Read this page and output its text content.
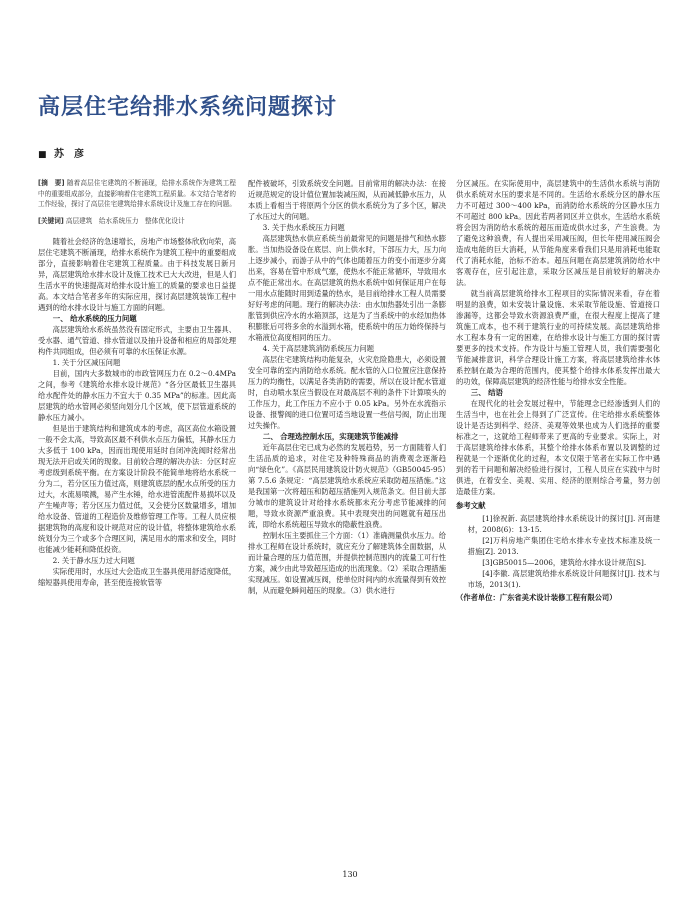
高层住宅给排水系统问题探讨
■ 苏　彦
[摘　要] 随着高层住宅建筑的不断涌现，给排水系统作为建筑工程中的重要组成部分，直接影响着住宅建筑工程质量。本文结合笔者的工作经验，探讨了高层住宅建筑给排水系统设计及施工存在的问题。
[关键词] 高层建筑　给水系统压力　整体优化设计

随着社会经济的急速增长，房地产市场整体欣欣向荣，高层住宅建筑不断涌现，给排水系统作为建筑工程中的重要组成部分，直接影响着住宅建筑工程质量。由于科技发展日新月异，高层建筑给水排水设计及施工技术已大大改进，但是人们生活水平的快速提高对给排水设计施工的质量的要求也日益提高。本文结合笔者多年的实际应用，探讨高层建筑装饰工程中遇到的给水排水设计与施工方面的问题。

一、 给水系统的压力问题

高层建筑给水系统虽然没有固定形式，主要由卫生器具、受水器、通气管道、排水管道以及抽升设备和相应的局部处理构件共同组成，但必须有可靠的水压保证水源。

1. 关于分区减压问题

目前，国内大多数城市的市政管网压力在 0.2～0.4MPa 之间，参考《建筑给水排水设计规范》“各分区最低卫生器具给水配件处的静水压力不宜大于 0.35 MPa”的标准。因此高层建筑的给水管网必须竖向划分几个区域，使下层管道系统的静水压力减小。

但是出于建筑结构和建筑成本的考虑，高区高位水箱设置一般不会太高，导致高区最不利供水点压力偏低，其静水压力大多低于 100 kPa，因而出现使用延时自闭冲洗阀时经常出现无法开启或关闭的现象。目前较合理的解决办法：分区时应考虑级到系统平衡。在方案设计阶段不能简单地将给水系统一分为二，若分区压力值过高，则建筑底层的配水点所受的压力过大，水流易喷溅，易产生水锤，给水进管流配件易损坏以及产生噪声等；若分区压力值过低，又会使分区数量增多，增加给水设备、管道的工程造价及维修管理工作等。工程人员应根据建筑物的高度和设计规范对应的设计值，将整体建筑给水系统划分为三个或多个合理区间，满足用水的需求和安全，同时也能减少能耗和降低投资。

2. 关于静水压力过大问题

实际使用时，水压过大会造成卫生器具使用舒适度降低，缩短器具使用寿命，甚至使连接软管等

配件被破坏，引致系统安全问题。目前常用的解决办法：在接近规范规定的设计值位置加装减压阀，从而减低静水压力，从本质上看相当于将原两个分区的供水系统分为了多个区，解决了水压过大的问题。

3. 关于热水系统压力问题

高层建筑热水供应系统当前最常见的问题是排气和热水膨胀。当加热设备设在底层、向上供水时，下部压力大，压力向上逐步减小，而游子从中的气体也随着压力的变小而逐步分离出来，容易在管中形成气塞，使热水不能正常循环，导致用水点不能正常出水。在高层建筑的热水系统中如何保证用户在每一用水点能随时用到适量的热水，是目前给排水工程人员需要好好考虑的问题。现行的解决办法：由水加热器处引出一条膨胀管到供应冷水的水箱顶部，这是为了当系统中的水经加热体积膨胀后可将多余的水溢到水箱，使系统中的压力始终保持与水箱液位高度相同的压力。

4. 关于高层建筑消防系统压力问题

高层住宅建筑结构功能复杂，火灾危险隐患大，必须设置安全可靠的室内消防给水系统。配水管的入口位置应注意保持压力的均衡性，以满足各类消防的需要，所以在设计配水管道时，自动喷水泵应当假设在对最高层不利的条件下计算喷头的工作压力，此工作压力不应小于 0.05 kPa。另外在水流指示设备、报警阀的进口位置可适当地设置一些信号阀，防止出现过失操作。

二、 合理选控制水压，实现建筑节能减排

近年高层住宅已成为必然的发展趋势，另一方面随着人们生活品质的追求，对住宅及种特殊商品的消费观念逐渐趋向“绿色化”。《高层民用建筑设计防火规范》（GB50045-95）第 7.5.6 条规定：“高层建筑给水系统应采取防超压措施。”这是我国第一次将超压和防超压措施列入规范条文。但目前大部分城市的建筑设计对给排水系统都未充分考虑节能减排的问题，导致水资源严重浪费。其中表现突出的问题就有超压出流，即给水系统超压导致水的隐蔽性浪费。

控制水压主要抓住三个方面：（1）准确测量供水压力。给排水工程师在设计系统时，就应充分了解建筑体全面数据，从而计量合理的压力值范围，并提供控制范围内的流量工可行性方案，减少由此导致超压造成的出流现象。（2）采取合理措施实现减压。如设置减压阀，使单位时间内的水流量得到有效控制，从而避免瞬间超压的现象。（3）供水进行

分区减压。在实际使用中，高层建筑中的生活供水系统与消防供水系统对水压的要求是不同的。生活给水系统分区的静水压力不可超过 300～400 kPa，而消防给水系统的分区静水压力不可超过 800 kPa。因此若两者同区并立供水，生活给水系统将会因为消防给水系统的超压而造成供水过多，产生浪费。为了避免这种浪费，有人提出采用减压阀，但长年使用减压阀会造成电能的巨大消耗，从节能角度来看我们只是用消耗电能取代了消耗水能，治标不治本。超压问题在高层建筑消防给水中客观存在，应引起注意，采取分区减压是目前较好的解决办法。

就当前高层建筑给排水工程项目的实际情况来看，存在着明显的浪费，如未安装计量设施、未采取节能设施、管道接口渗漏等，这都会导致水资源浪费严重，在很大程度上提高了建筑施工成本，也不利于建筑行业的可持续发展。高层建筑给排水工程本身有一定的困难，在给排水设计与施工方面的探讨需要更多的技术支持。作为设计与施工管理人员，我们需要强化节能减排意识，科学合理设计施工方案，将高层建筑给排水体系控制在最为合理的范围内，使其整个给排水体系发挥出最大的功效，保障高层建筑的经济性能与给排水安全性能。

三、 结语

在现代化的社会发展过程中，节能理念已经渗透到人们的生活当中，也在社会上得到了广泛宣传。住宅给排水系统整体设计是否达到科学、经济、美观等效果也成为人们选择的重要标准之一，这就给工程师带来了更高的专业要求。实际上，对于高层建筑给排水体系，其整个给排水体系布置以及调整的过程就是一个逐渐优化的过程，本文仅限于笔者在实际工作中遇到的若干问题和解决经验进行探讨，工程人员应在实践中与时俱进，在着安全、美观、实用、经济的原则综合考量，努力创造最佳方案。

参考文献

[1]徐祝新. 高层建筑给排水系统设计的探讨[J]. 河南建材，2008(6)：13-15.

[2]万科房地产集团住宅给水排水专业技术标准及统一措施[Z]. 2013.

[3]GB50015—2006，建筑给水排水设计规范[S].

[4]李徽. 高层建筑给排水系统设计问题探讨[J]. 技术与市场，2013(1).

（作者单位：广东省美术设计装修工程有限公司）
130
